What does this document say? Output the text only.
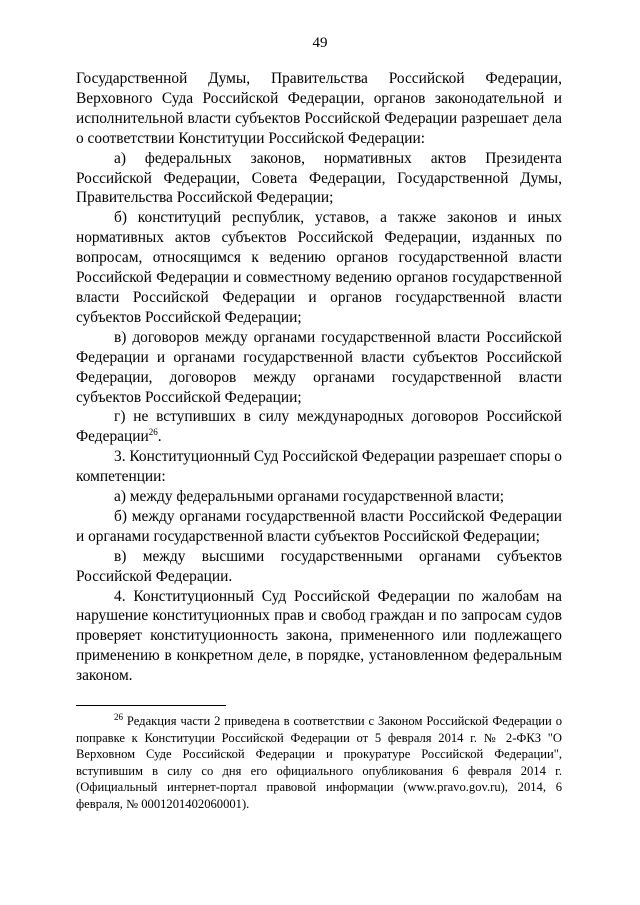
49

Государственной Думы, Правительства Российской Федерации, Верховного Суда Российской Федерации, органов законодательной и исполнительной власти субъектов Российской Федерации разрешает дела о соответствии Конституции Российской Федерации:

а) федеральных законов, нормативных актов Президента Российской Федерации, Совета Федерации, Государственной Думы, Правительства Российской Федерации;

б) конституций республик, уставов, а также законов и иных нормативных актов субъектов Российской Федерации, изданных по вопросам, относящимся к ведению органов государственной власти Российской Федерации и совместному ведению органов государственной власти Российской Федерации и органов государственной власти субъектов Российской Федерации;

в) договоров между органами государственной власти Российской Федерации и органами государственной власти субъектов Российской Федерации, договоров между органами государственной власти субъектов Российской Федерации;

г) не вступивших в силу международных договоров Российской Федерации$^{26}$.

3. Конституционный Суд Российской Федерации разрешает споры о компетенции:

а) между федеральными органами государственной власти;

б) между органами государственной власти Российской Федерации и органами государственной власти субъектов Российской Федерации;

в) между высшими государственными органами субъектов Российской Федерации.

4. Конституционный Суд Российской Федерации по жалобам на нарушение конституционных прав и свобод граждан и по запросам судов проверяет конституционность закона, примененного или подлежащего применению в конкретном деле, в порядке, установленном федеральным законом.

$^{26}$ Редакция части 2 приведена в соответствии с Законом Российской Федерации о поправке к Конституции Российской Федерации от 5 февраля 2014 г. № 2-ФКЗ "О Верховном Суде Российской Федерации и прокуратуре Российской Федерации", вступившим в силу со дня его официального опубликования 6 февраля 2014 г. (Официальный интернет-портал правовой информации (www.pravo.gov.ru), 2014, 6 февраля, № 0001201402060001).
